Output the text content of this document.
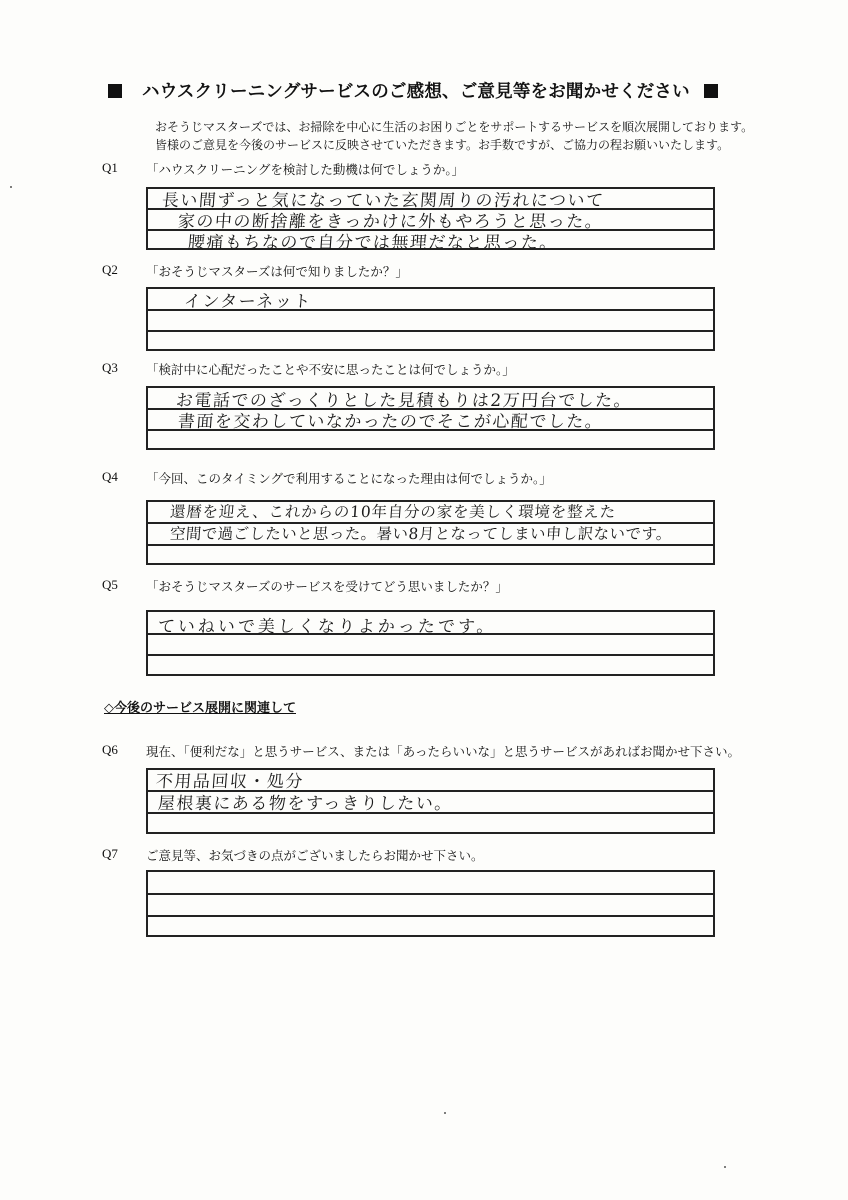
ハウスクリーニングサービスのご感想、ご意見等をお聞かせください
おそうじマスターズでは、お掃除を中心に生活のお困りごとをサポートするサービスを順次展開しております。
皆様のご意見を今後のサービスに反映させていただきます。お手数ですが、ご協力の程お願いいたします。
Q1 「ハウスクリーニングを検討した動機は何でしょうか。」
長い間ずっと気になっていた玄関周りの汚れについて
家の中の断捨離をきっかけに外もやろうと思った。
腰痛もちなので自分では無理だなと思った。
Q2 「おそうじマスターズは何で知りましたか？」
インターネット
Q3 「検討中に心配だったことや不安に思ったことは何でしょうか。」
お電話でのざっくりとした見積もりは2万円台でした。
書面を交わしていなかったのでそこが心配でした。
Q4 「今回、このタイミングで利用することになった理由は何でしょうか。」
還暦を迎え、これからの10年自分の家を美しく環境を整えた
空間で過ごしたいと思った。暑い8月となってしまい申し訳ないです。
Q5 「おそうじマスターズのサービスを受けてどう思いましたか？」
ていねいで美しくなりよかったです。
◇今後のサービス展開に関連して
Q6 現在、「便利だな」と思うサービス、または「あったらいいな」と思うサービスがあればお聞かせ下さい。
不用品回収・処分
屋根裏にある物をすっきりしたい。
Q7 ご意見等、お気づきの点がございましたらお聞かせ下さい。
